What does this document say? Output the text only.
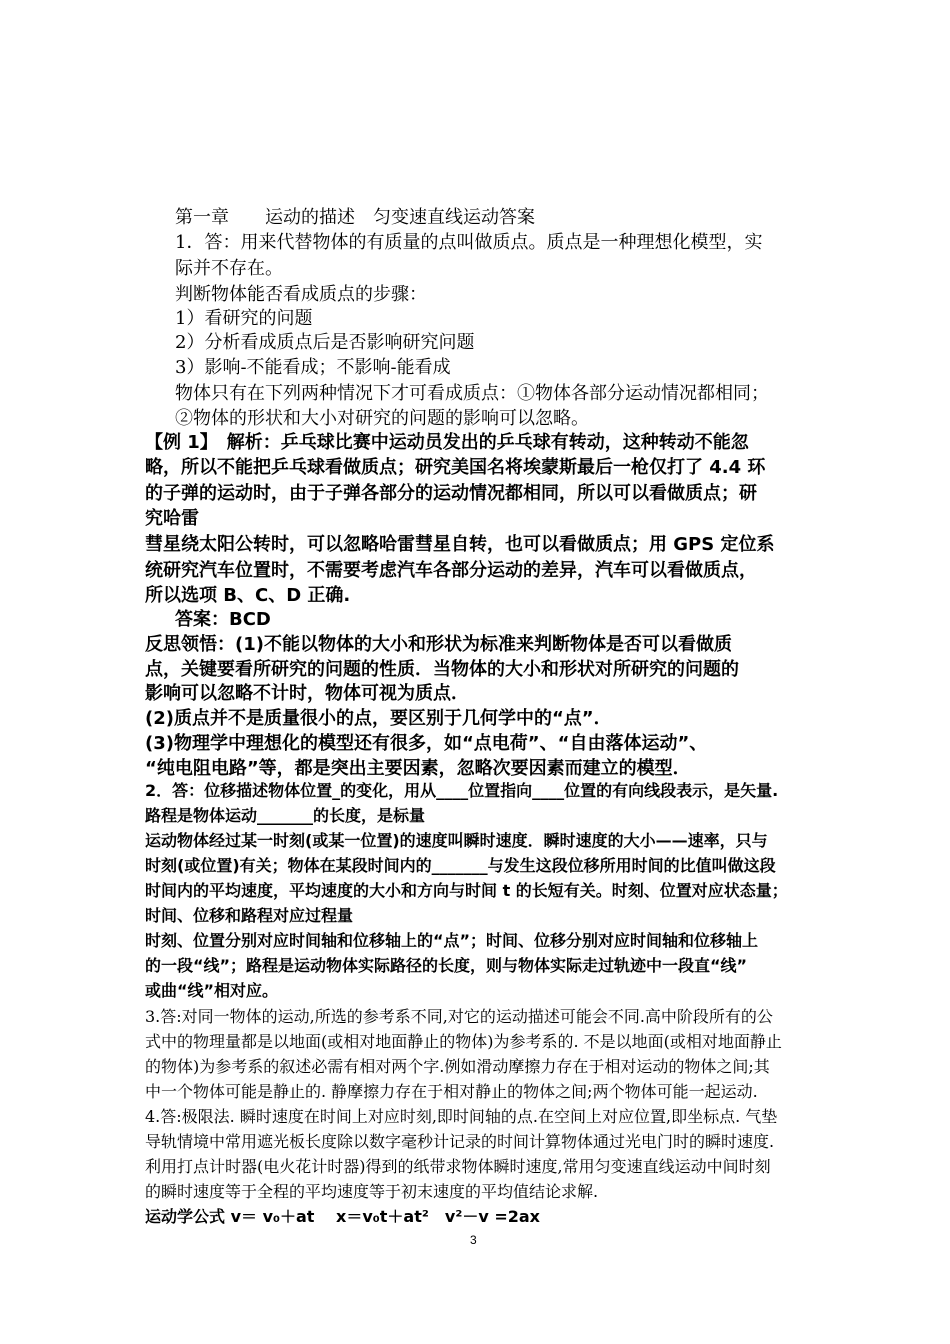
第一章　　运动的描述　匀变速直线运动答案
1．答：用来代替物体的有质量的点叫做质点。质点是一种理想化模型，实
际并不存在。
判断物体能否看成质点的步骤：
1）看研究的问题
2）分析看成质点后是否影响研究问题
3）影响-不能看成；不影响-能看成
物体只有在下列两种情况下才可看成质点：①物体各部分运动情况都相同；
②物体的形状和大小对研究的问题的影响可以忽略。
【例 1】　解析：乒乓球比赛中运动员发出的乒乓球有转动，这种转动不能忽
略，所以不能把乒乓球看做质点；研究美国名将埃蒙斯最后一枪仅打了 4.4 环
的子弹的运动时，由于子弹各部分的运动情况都相同，所以可以看做质点；研
究哈雷
彗星绕太阳公转时，可以忽略哈雷彗星自转，也可以看做质点；用 GPS 定位系
统研究汽车位置时，不需要考虑汽车各部分运动的差异，汽车可以看做质点，
所以选项 B、C、D 正确.
答案：BCD
反思领悟：(1)不能以物体的大小和形状为标准来判断物体是否可以看做质
点，关键要看所研究的问题的性质．当物体的大小和形状对所研究的问题的
影响可以忽略不计时，物体可视为质点．
(2)质点并不是质量很小的点，要区别于几何学中的“点”．
(3)物理学中理想化的模型还有很多，如“点电荷”、“自由落体运动”、
“纯电阻电路”等，都是突出主要因素，忽略次要因素而建立的模型．
2．答：位移描述物体位置_的变化，用从____位置指向____位置的有向线段表示，是矢量.
路程是物体运动_______的长度，是标量
运动物体经过某一时刻(或某一位置)的速度叫瞬时速度．瞬时速度的大小——速率，只与
时刻(或位置)有关；物体在某段时间内的_______与发生这段位移所用时间的比值叫做这段
时间内的平均速度，平均速度的大小和方向与时间 t 的长短有关。时刻、位置对应状态量；
时间、位移和路程对应过程量
时刻、位置分别对应时间轴和位移轴上的“点”；时间、位移分别对应时间轴和位移轴上
的一段“线”；路程是运动物体实际路径的长度，则与物体实际走过轨迹中一段直“线”
或曲“线”相对应。
3.答:对同一物体的运动,所选的参考系不同,对它的运动描述可能会不同.高中阶段所有的公
式中的物理量都是以地面(或相对地面静止的物体)为参考系的. 不是以地面(或相对地面静止
的物体)为参考系的叙述必需有相对两个字.例如滑动摩擦力存在于相对运动的物体之间;其
中一个物体可能是静止的. 静摩擦力存在于相对静止的物体之间;两个物体可能一起运动.
4.答:极限法. 瞬时速度在时间上对应时刻,即时间轴的点.在空间上对应位置,即坐标点. 气垫
导轨情境中常用遮光板长度除以数字毫秒计记录的时间计算物体通过光电门时的瞬时速度.
利用打点计时器(电火花计时器)得到的纸带求物体瞬时速度,常用匀变速直线运动中间时刻
的瞬时速度等于全程的平均速度等于初末速度的平均值结论求解.
运动学公式 v＝ v₀＋at　 x＝v₀t＋at²　v²－v =2ax
3
